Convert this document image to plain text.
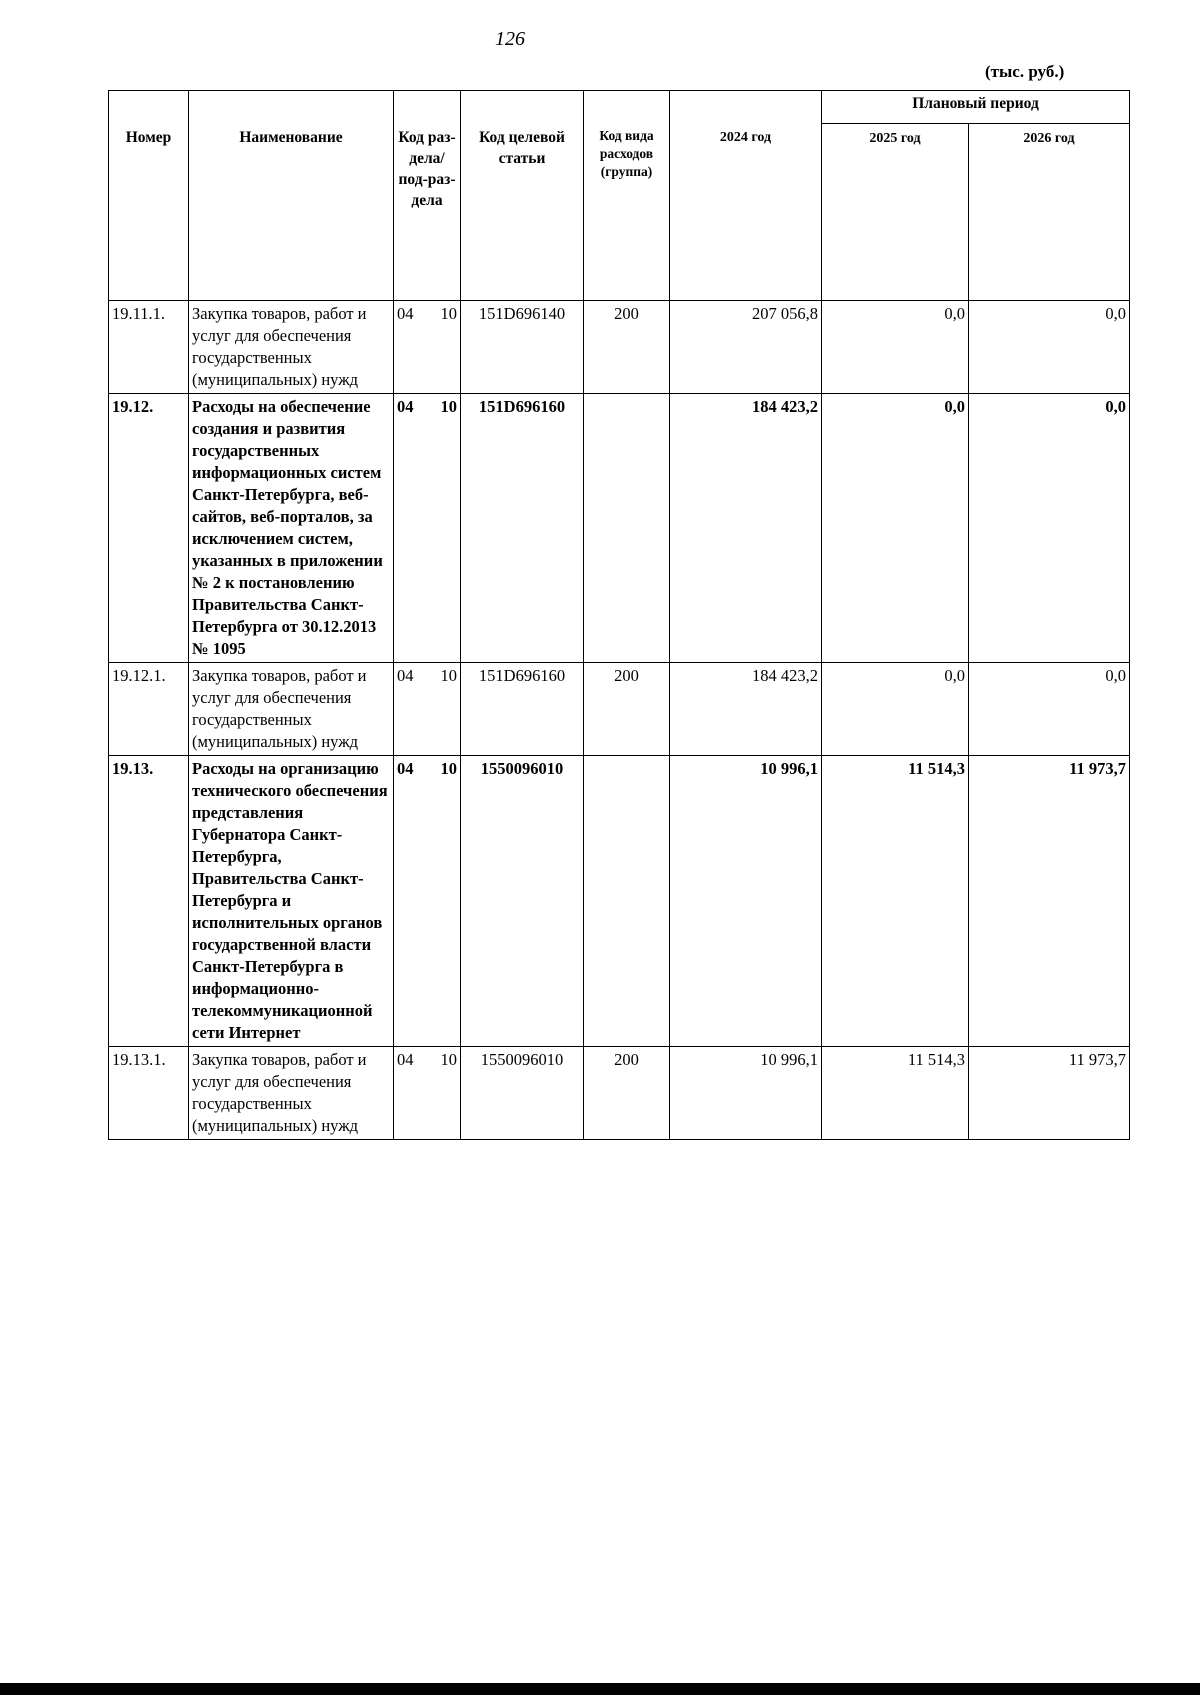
126
(тыс. руб.)
Номер	Наименование	Код раз-дела/ под-раз-дела	Код целевой статьи	Код вида расходов (группа)	2024 год	Плановый период	
						2025 год	2026 год
19.11.1.	Закупка товаров, работ и услуг для обеспечения государственных (муниципальных) нужд	04 10	151D696140	200	207 056,8	0,0	0,0
19.12.	Расходы на обеспечение создания и развития государственных информационных систем Санкт-Петербурга, веб-сайтов, веб-порталов, за исключением систем, указанных в приложении № 2 к постановлению Правительства Санкт-Петербурга от 30.12.2013 № 1095	04 10	151D696160		184 423,2	0,0	0,0
19.12.1.	Закупка товаров, работ и услуг для обеспечения государственных (муниципальных) нужд	04 10	151D696160	200	184 423,2	0,0	0,0
19.13.	Расходы на организацию технического обеспечения представления Губернатора Санкт-Петербурга, Правительства Санкт-Петербурга и исполнительных органов государственной власти Санкт-Петербурга в информационно-телекоммуникационной сети Интернет	04 10	1550096010		10 996,1	11 514,3	11 973,7
19.13.1.	Закупка товаров, работ и услуг для обеспечения государственных (муниципальных) нужд	04 10	1550096010	200	10 996,1	11 514,3	11 973,7
